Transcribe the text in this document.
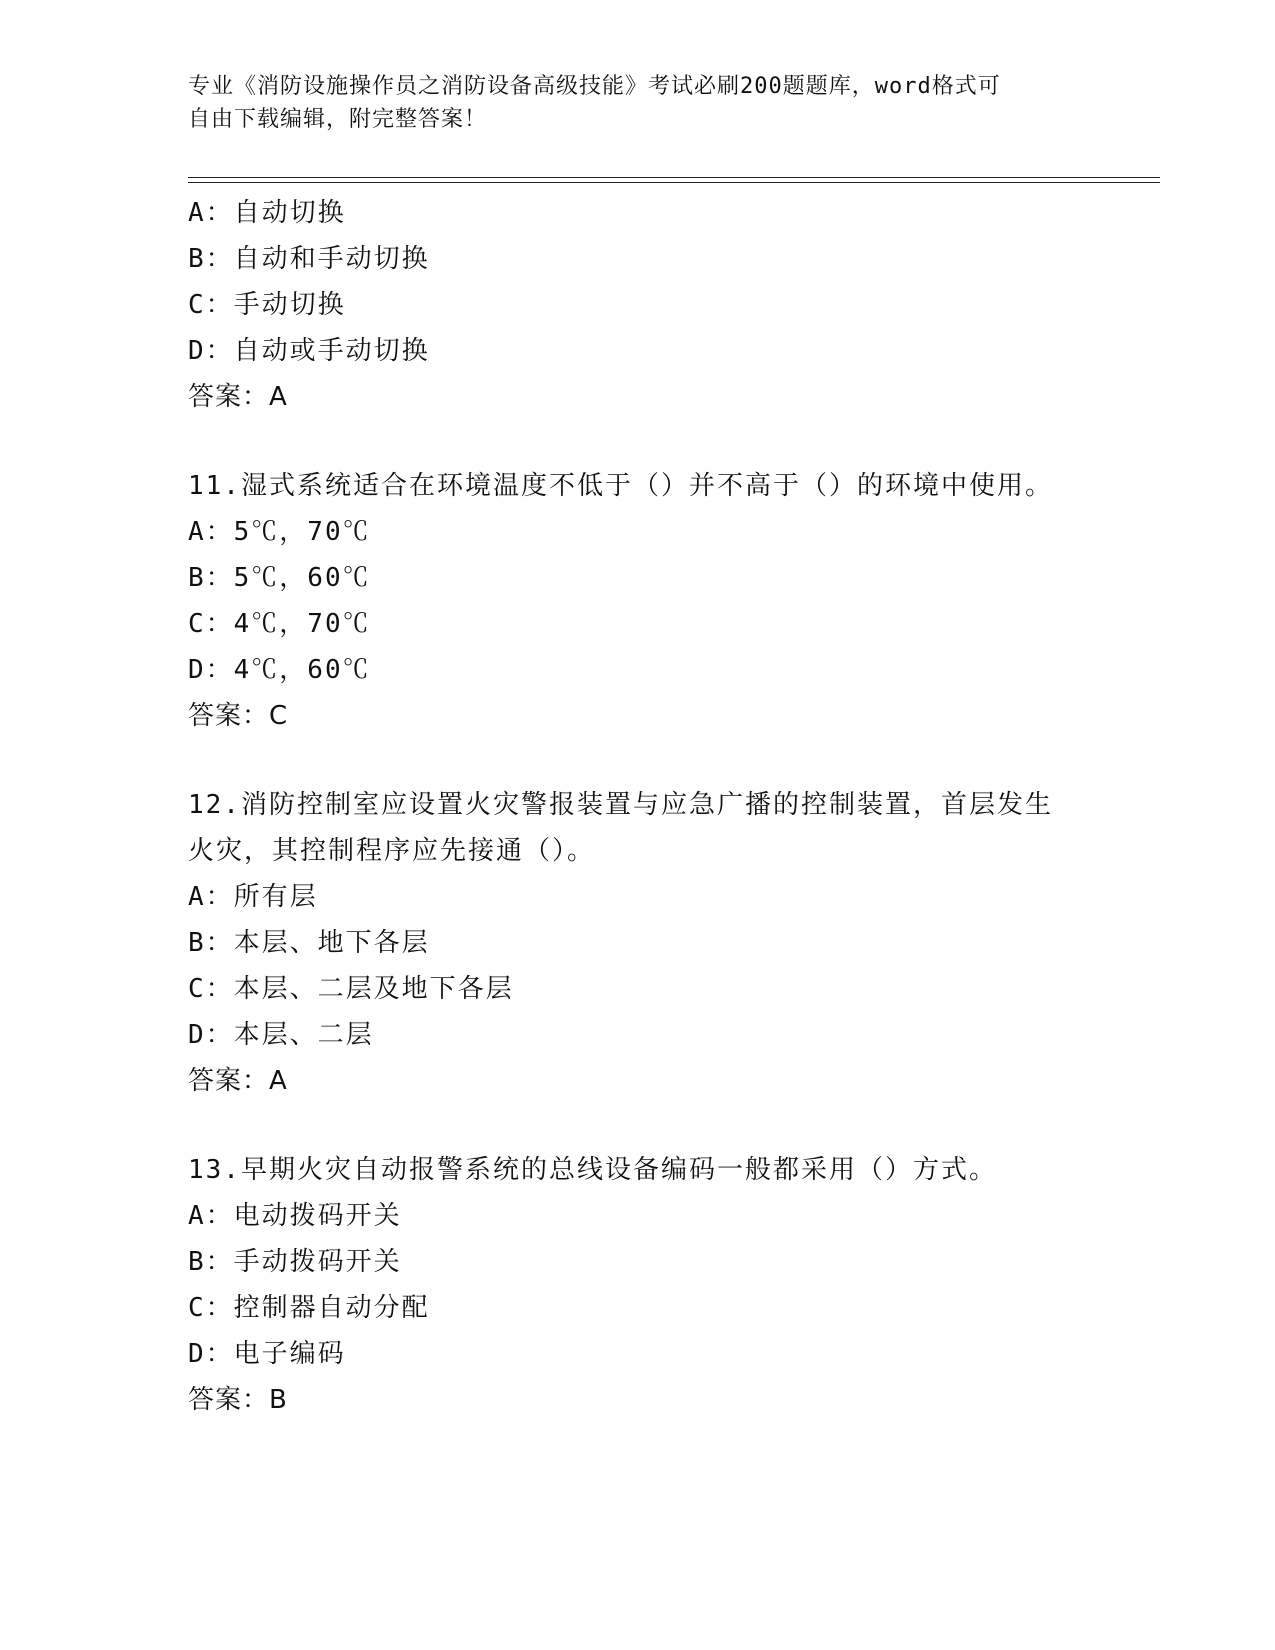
专业《消防设施操作员之消防设备高级技能》考试必刷200题题库，word格式可
自由下载编辑，附完整答案！
A：自动切换
B：自动和手动切换
C：手动切换
D：自动或手动切换
答案：A
11.湿式系统适合在环境温度不低于（）并不高于（）的环境中使用。
A：5℃，70℃
B：5℃，60℃
C：4℃，70℃
D：4℃，60℃
答案：C
12.消防控制室应设置火灾警报装置与应急广播的控制装置，首层发生
火灾，其控制程序应先接通（）。
A：所有层
B：本层、地下各层
C：本层、二层及地下各层
D：本层、二层
答案：A
13.早期火灾自动报警系统的总线设备编码一般都采用（）方式。
A：电动拨码开关
B：手动拨码开关
C：控制器自动分配
D：电子编码
答案：B
